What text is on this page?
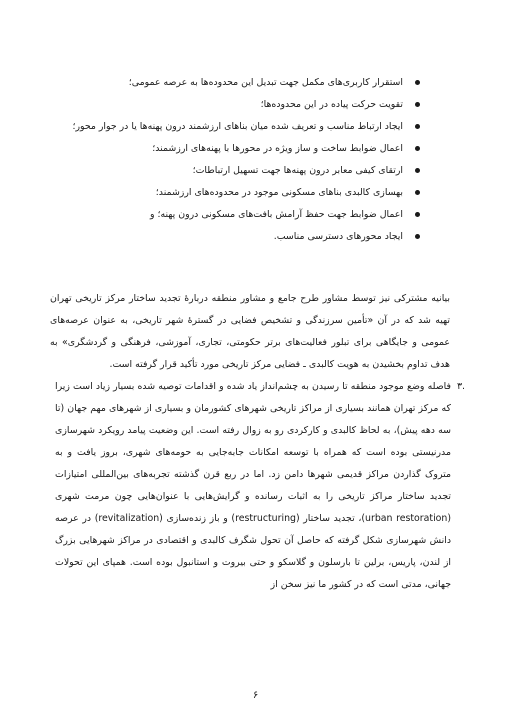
استقرار کاربری‌های مکمل جهت تبدیل این محدوده‌ها به عرصه عمومی؛
تقویت حرکت پیاده در این محدوده‌ها؛
ایجاد ارتباط مناسب و تعریف شده میان بناهای ارزشمند درون پهنه‌ها یا در جوار محور؛
اعمال ضوابط ساخت و ساز ویژه در محورها با پهنه‌های ارزشمند؛
ارتقای کیفی معابر درون پهنه‌ها جهت تسهیل ارتباطات؛
بهسازی کالبدی بناهای مسکونی موجود در محدوده‌های ارزشمند؛
اعمال ضوابط جهت حفظ آرامش بافت‌های مسکونی درون پهنه؛ و
ایجاد محورهای دسترسی مناسب.

بیانیه مشترکی نیز توسط مشاور طرح جامع و مشاور منطقه دربارهٔ تجدید ساختار مرکز تاریخی تهران تهیه شد که در آن «تأمین سرزندگی و تشخیص فضایی در گسترهٔ شهر تاریخی، به عنوان عرصه‌های عمومی و جایگاهی برای تبلور فعالیت‌های برتر حکومتی، تجاری، آموزشی، فرهنگی و گردشگری» به هدف تداوم بخشیدن به هویت کالبدی ـ فضایی مرکز تاریخی مورد تأکید قرار گرفته است.

۳.

فاصله وضع موجود منطقه تا رسیدن به چشم‌انداز یاد شده و اقدامات توصیه شده بسیار زیاد است زیرا که مرکز تهران همانند بسیاری از مراکز تاریخی شهرهای کشورمان و بسیاری از شهرهای مهم جهان (تا سه دهه پیش)، به لحاظ کالبدی و کارکردی رو به زوال رفته است. این وضعیت پیامد رویکرد شهرسازی مدرنیستی بوده است که همراه با توسعه امکانات جابه‌جایی به حومه‌های شهری، بروز یافت و به متروک گذاردن مراکز قدیمی شهرها دامن زد. اما در ربع قرن گذشته تجربه‌های بین‌المللی امتیازات تجدید ساختار مراکز تاریخی را به اثبات رسانده و گرایش‌هایی با عنوان‌هایی چون مرمت شهری (urban restoration)، تجدید ساختار (restructuring) و باز زنده‌سازی (revitalization) در عرصه دانش شهرسازی شکل گرفته که حاصل آن تحول شگرف کالبدی و اقتصادی در مراکز شهرهایی بزرگ از لندن، پاریس، برلین تا بارسلون و گلاسکو و حتی بیروت و استانبول بوده است. همپای این تحولات جهانی، مدتی است که در کشور ما نیز سخن از

۶
